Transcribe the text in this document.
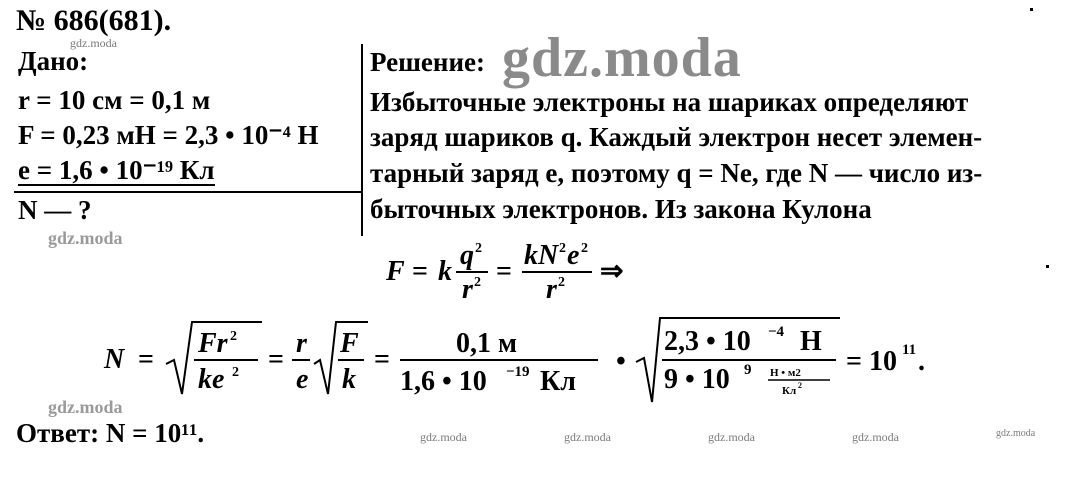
№ 686(681).
Дано:
r = 10 см = 0,1 м
F = 0,23 мН = 2,3 • 10⁻⁴ Н
e = 1,6 • 10⁻¹⁹ Кл
N — ?
Решение: gdz.moda
Избыточные электроны на шариках определяют
заряд шариков q. Каждый электрон несет элемен-
тарный заряд e, поэтому q = Ne, где N — число из-
быточных электронов. Из закона Кулона
F = k
q 2
r 2 =
kN 2 e 2
r 2 ⇒
N =
Fr 2
ke 2 =
r
e
F
k
=
0,1 м
1,6 • 10 −19 Кл
•
2,3 • 10 −4 Н
9 • 10 9 Н • м2
Кл 2
= 10 11 .
Ответ: N = 10¹¹.
gdz.moda
gdz.moda
gdz.moda
gdz.moda	gdz.moda	gdz.moda	gdz.moda	gdz.moda
